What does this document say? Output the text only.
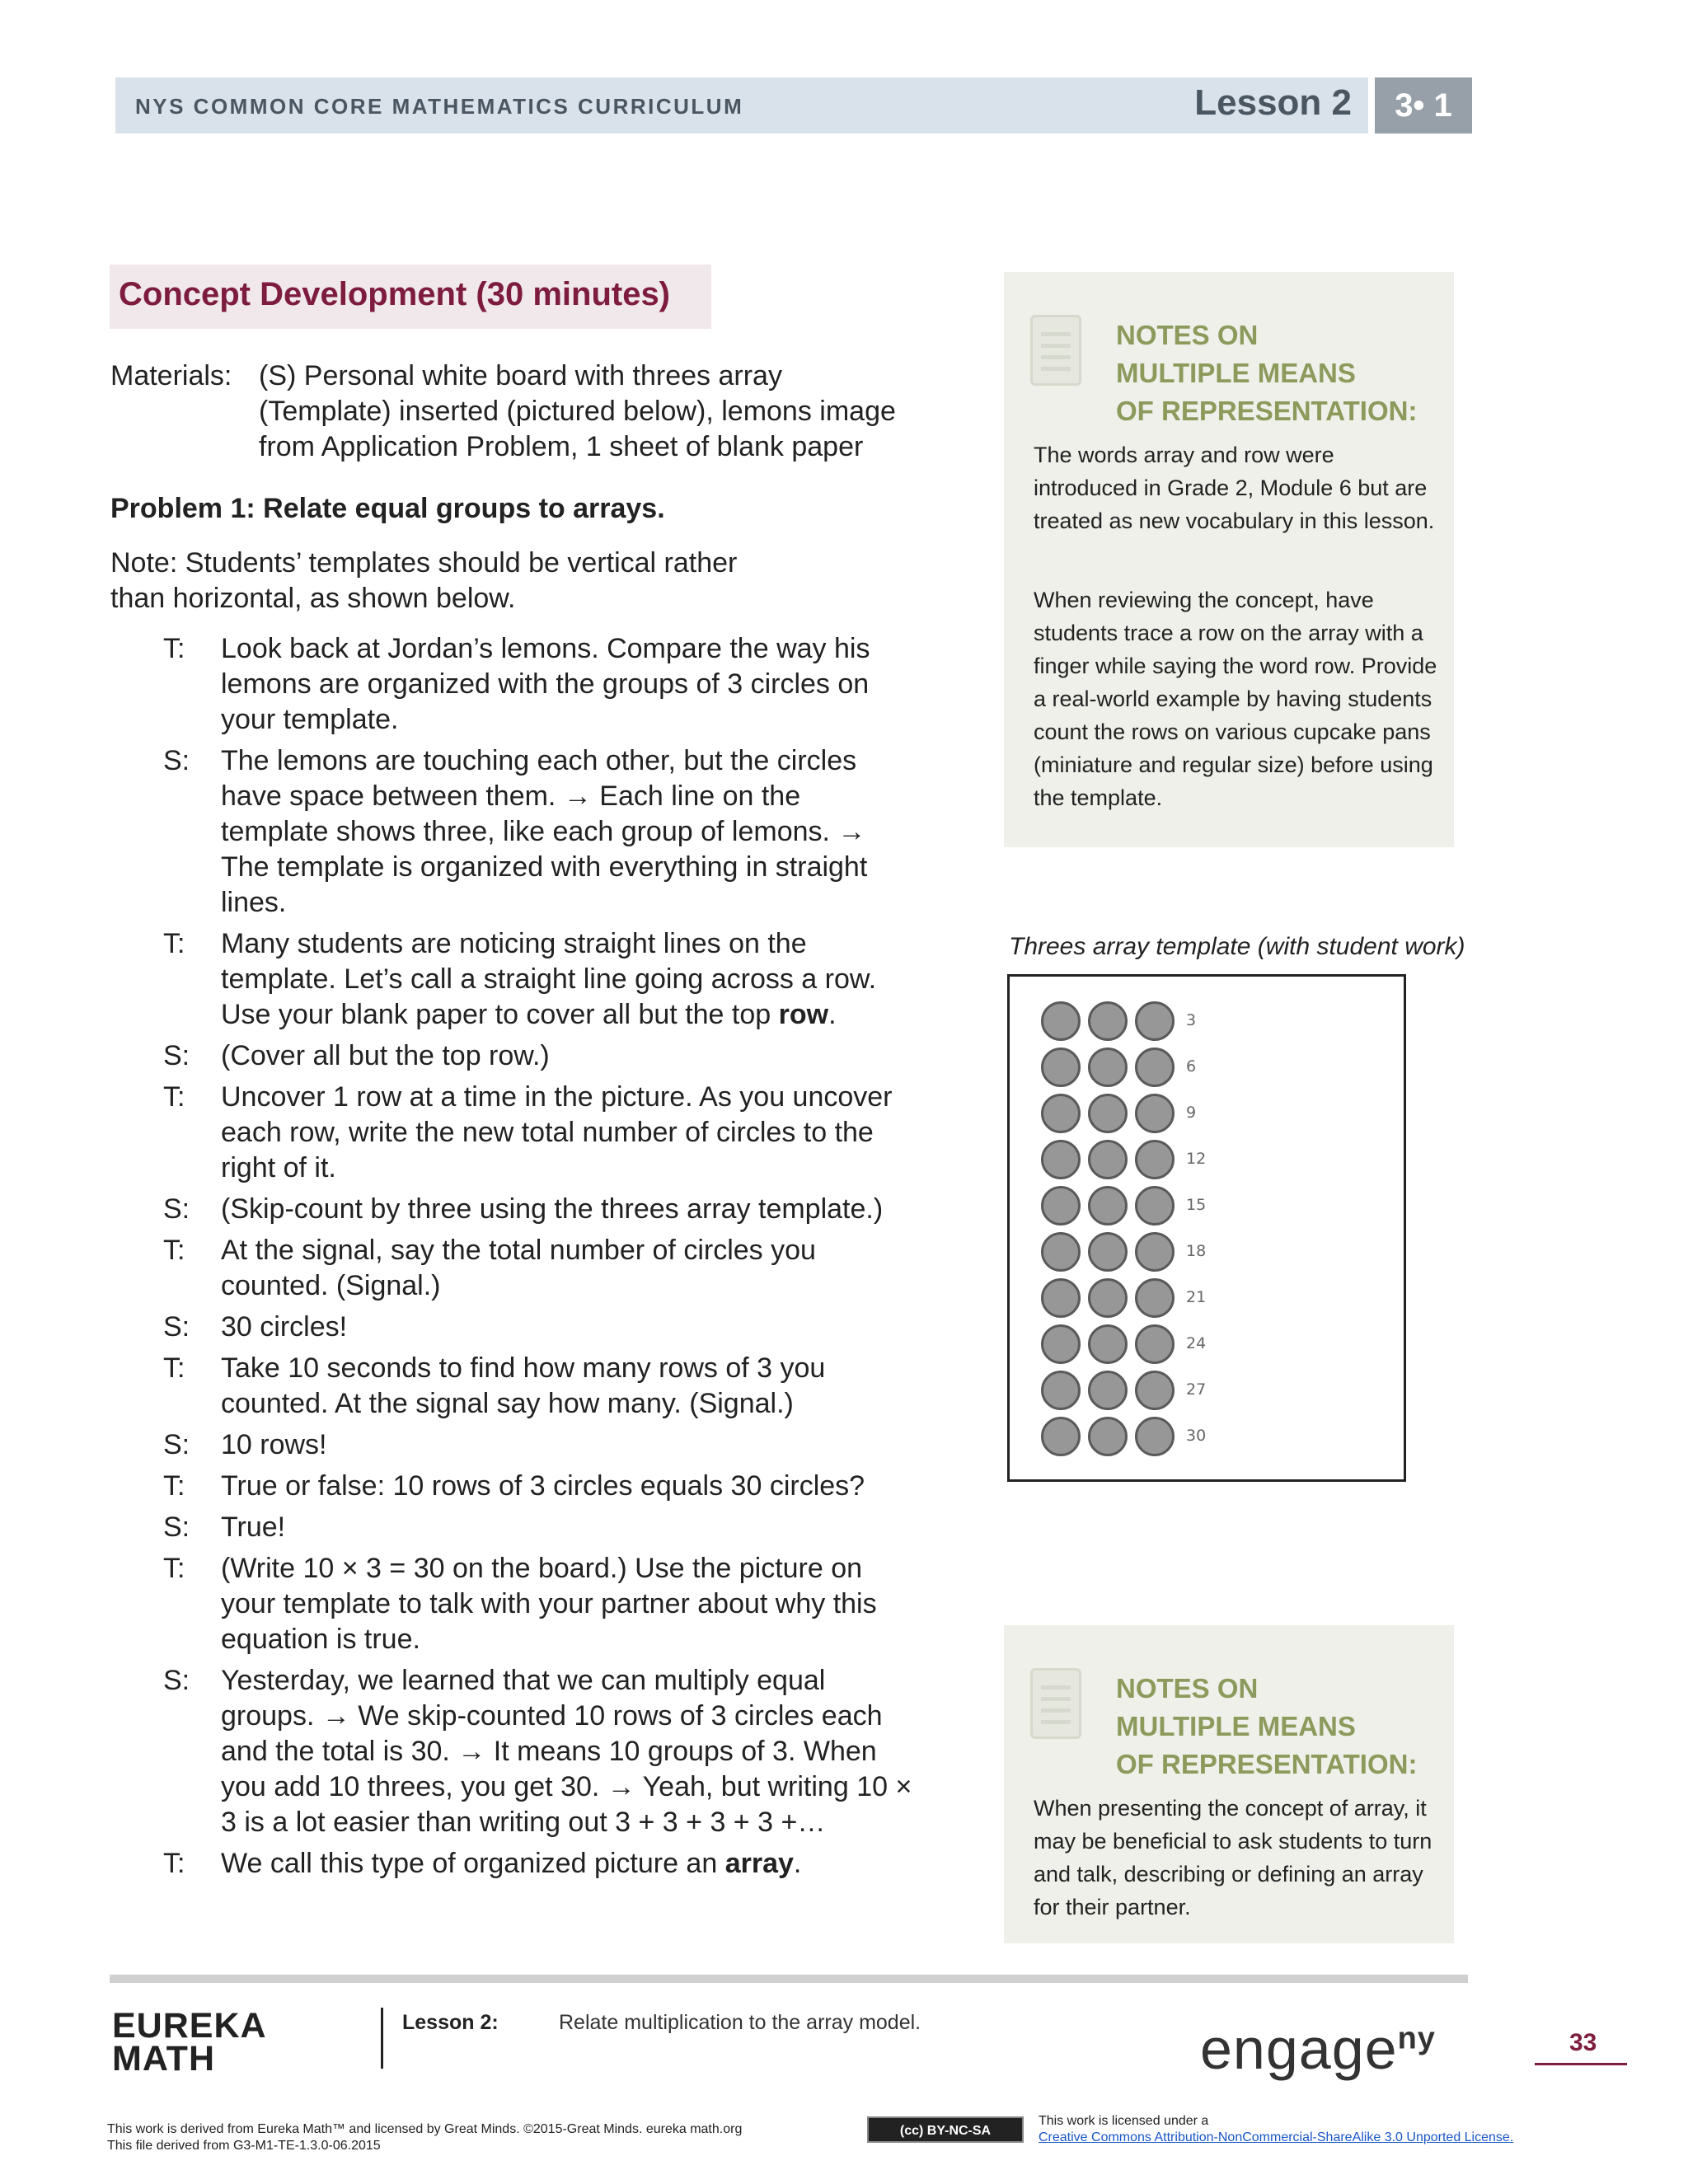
NYS COMMON CORE MATHEMATICS CURRICULUM	Lesson 2	3• 1
Concept Development (30 minutes)
Materials: (S) Personal white board with threes array (Template) inserted (pictured below), lemons image from Application Problem, 1 sheet of blank paper
Problem 1: Relate equal groups to arrays.
Note: Students’ templates should be vertical rather than horizontal, as shown below.
T:	Look back at Jordan’s lemons. Compare the way his lemons are organized with the groups of 3 circles on your template.
S:	The lemons are touching each other, but the circles have space between them. → Each line on the template shows three, like each group of lemons. → The template is organized with everything in straight lines.
T:	Many students are noticing straight lines on the template. Let’s call a straight line going across a row. Use your blank paper to cover all but the top row.
S:	(Cover all but the top row.)
T:	Uncover 1 row at a time in the picture. As you uncover each row, write the new total number of circles to the right of it.
S:	(Skip-count by three using the threes array template.)
T:	At the signal, say the total number of circles you counted. (Signal.)
S:	30 circles!
T:	Take 10 seconds to find how many rows of 3 you counted. At the signal say how many. (Signal.)
S:	10 rows!
T:	True or false: 10 rows of 3 circles equals 30 circles?
S:	True!
T:	(Write 10 × 3 = 30 on the board.) Use the picture on your template to talk with your partner about why this equation is true.
S:	Yesterday, we learned that we can multiply equal groups. → We skip-counted 10 rows of 3 circles each and the total is 30. → It means 10 groups of 3. When you add 10 threes, you get 30. → Yeah, but writing 10 × 3 is a lot easier than writing out 3 + 3 + 3 + 3 +…
T:	We call this type of organized picture an array.
NOTES ON
MULTIPLE MEANS
OF REPRESENTATION:
The words array and row were introduced in Grade 2, Module 6 but are treated as new vocabulary in this lesson.
When reviewing the concept, have students trace a row on the array with a finger while saying the word row. Provide a real-world example by having students count the rows on various cupcake pans (miniature and regular size) before using the template.
Threes array template (with student work)
3
6
9
12
15
18
21
24
27
30
NOTES ON
MULTIPLE MEANS
OF REPRESENTATION:
When presenting the concept of array, it may be beneficial to ask students to turn and talk, describing or defining an array for their partner.
EUREKA
MATH
Lesson 2:	Relate multiplication to the array model.	engage$^{ny}$	33
This work is derived from Eureka Math™ and licensed by Great Minds. ©2015-Great Minds. eureka math.org
This file derived from G3-M1-TE-1.3.0-06.2015
(cc) BY-NC-SA
This work is licensed under a
Creative Commons Attribution-NonCommercial-ShareAlike 3.0 Unported License.
